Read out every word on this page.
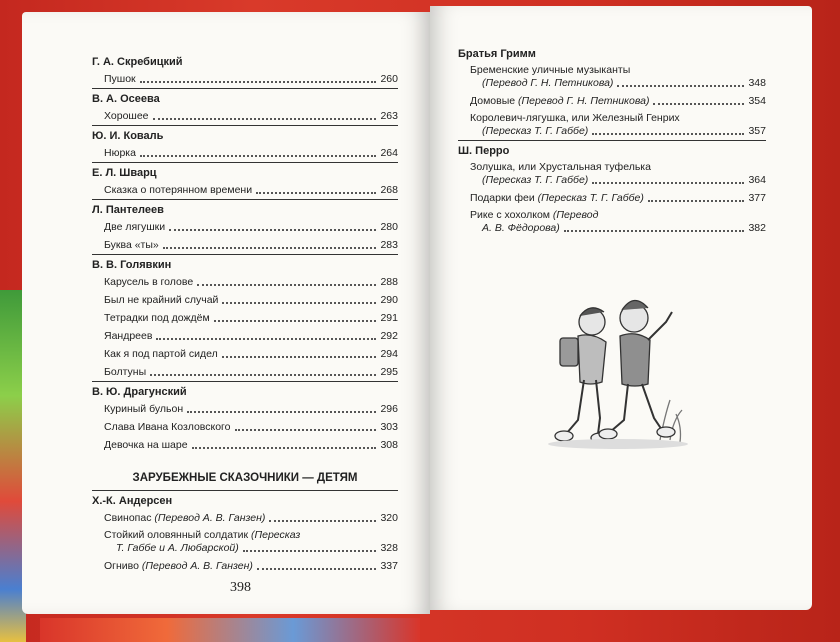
Г. А. Скребицкий
Пушок	260
В. А. Осеева
Хорошее	263
Ю. И. Коваль
Нюрка	264
Е. Л. Шварц
Сказка о потерянном времени	268
Л. Пантелеев
Две лягушки	280
Буква «ты»	283
В. В. Голявкин
Карусель в голове	288
Был не крайний случай	290
Тетрадки под дождём	291
Яандреев	292
Как я под партой сидел	294
Болтуны	295
В. Ю. Драгунский
Куриный бульон	296
Слава Ивана Козловского	303
Девочка на шаре	308
ЗАРУБЕЖНЫЕ СКАЗОЧНИКИ — ДЕТЯМ
Х.-К. Андерсен
Свинопас (Перевод А. В. Ганзен)	320
Стойкий оловянный солдатик (Пересказ
Т. Габбе и А. Любарской)	328
Огниво (Перевод А. В. Ганзен)	337
398
Братья Гримм
Бременские уличные музыканты
(Перевод Г. Н. Петникова)	348
Домовые (Перевод Г. Н. Петникова)	354
Королевич-лягушка, или Железный Генрих
(Пересказ Т. Г. Габбе)	357
Ш. Перро
Золушка, или Хрустальная туфелька
(Пересказ Т. Г. Габбе)	364
Подарки феи (Пересказ Т. Г. Габбе)	377
Рике с хохолком (Перевод
А. В. Фёдорова)	382
